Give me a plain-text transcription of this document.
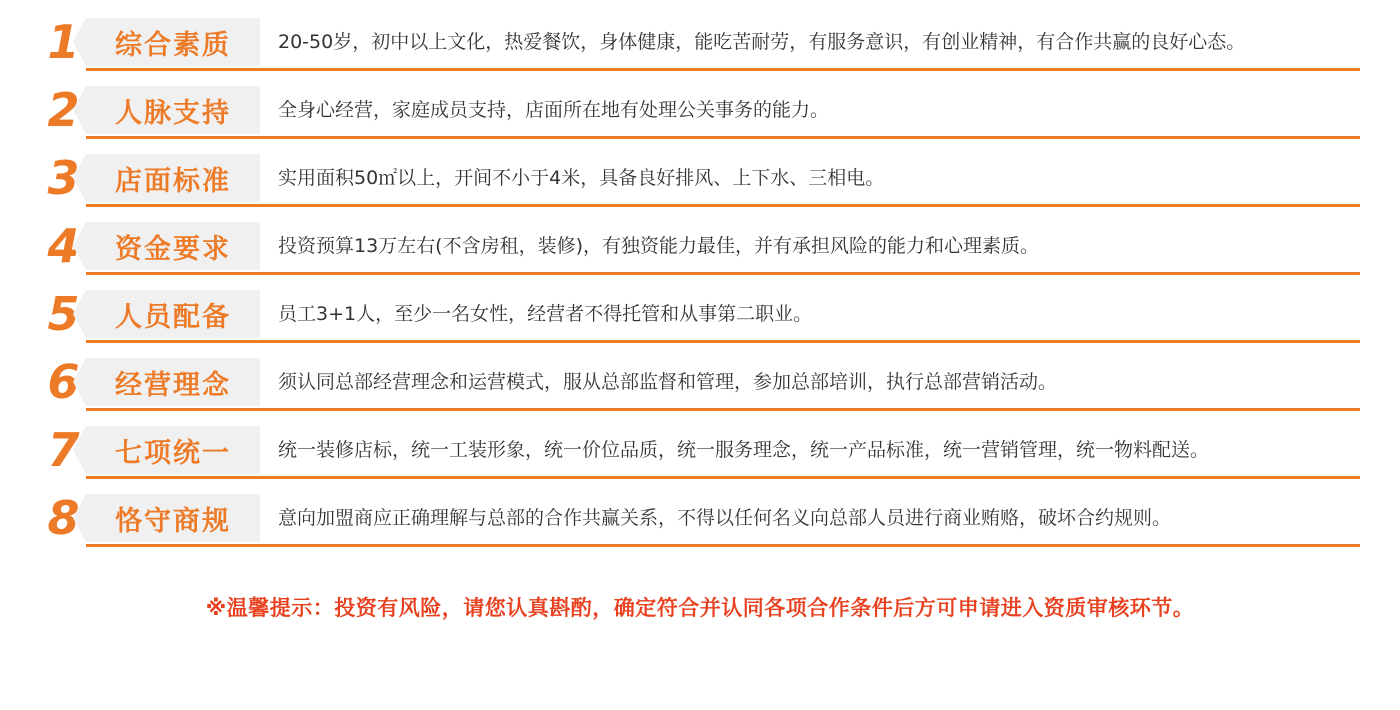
1 综合素质 20-50岁，初中以上文化，热爱餐饮，身体健康，能吃苦耐劳，有服务意识，有创业精神，有合作共赢的良好心态。
2 人脉支持 全身心经营，家庭成员支持，店面所在地有处理公关事务的能力。
3 店面标准 实用面积50㎡以上，开间不小于4米，具备良好排风、上下水、三相电。
4 资金要求 投资预算13万左右(不含房租，装修)，有独资能力最佳，并有承担风险的能力和心理素质。
5 人员配备 员工3+1人，至少一名女性，经营者不得托管和从事第二职业。
6 经营理念 须认同总部经营理念和运营模式，服从总部监督和管理，参加总部培训，执行总部营销活动。
7 七项统一 统一装修店标，统一工装形象，统一价位品质，统一服务理念，统一产品标准，统一营销管理，统一物料配送。
8 恪守商规 意向加盟商应正确理解与总部的合作共赢关系，不得以任何名义向总部人员进行商业贿赂，破坏合约规则。
※温馨提示：投资有风险，请您认真斟酌，确定符合并认同各项合作条件后方可申请进入资质审核环节。
